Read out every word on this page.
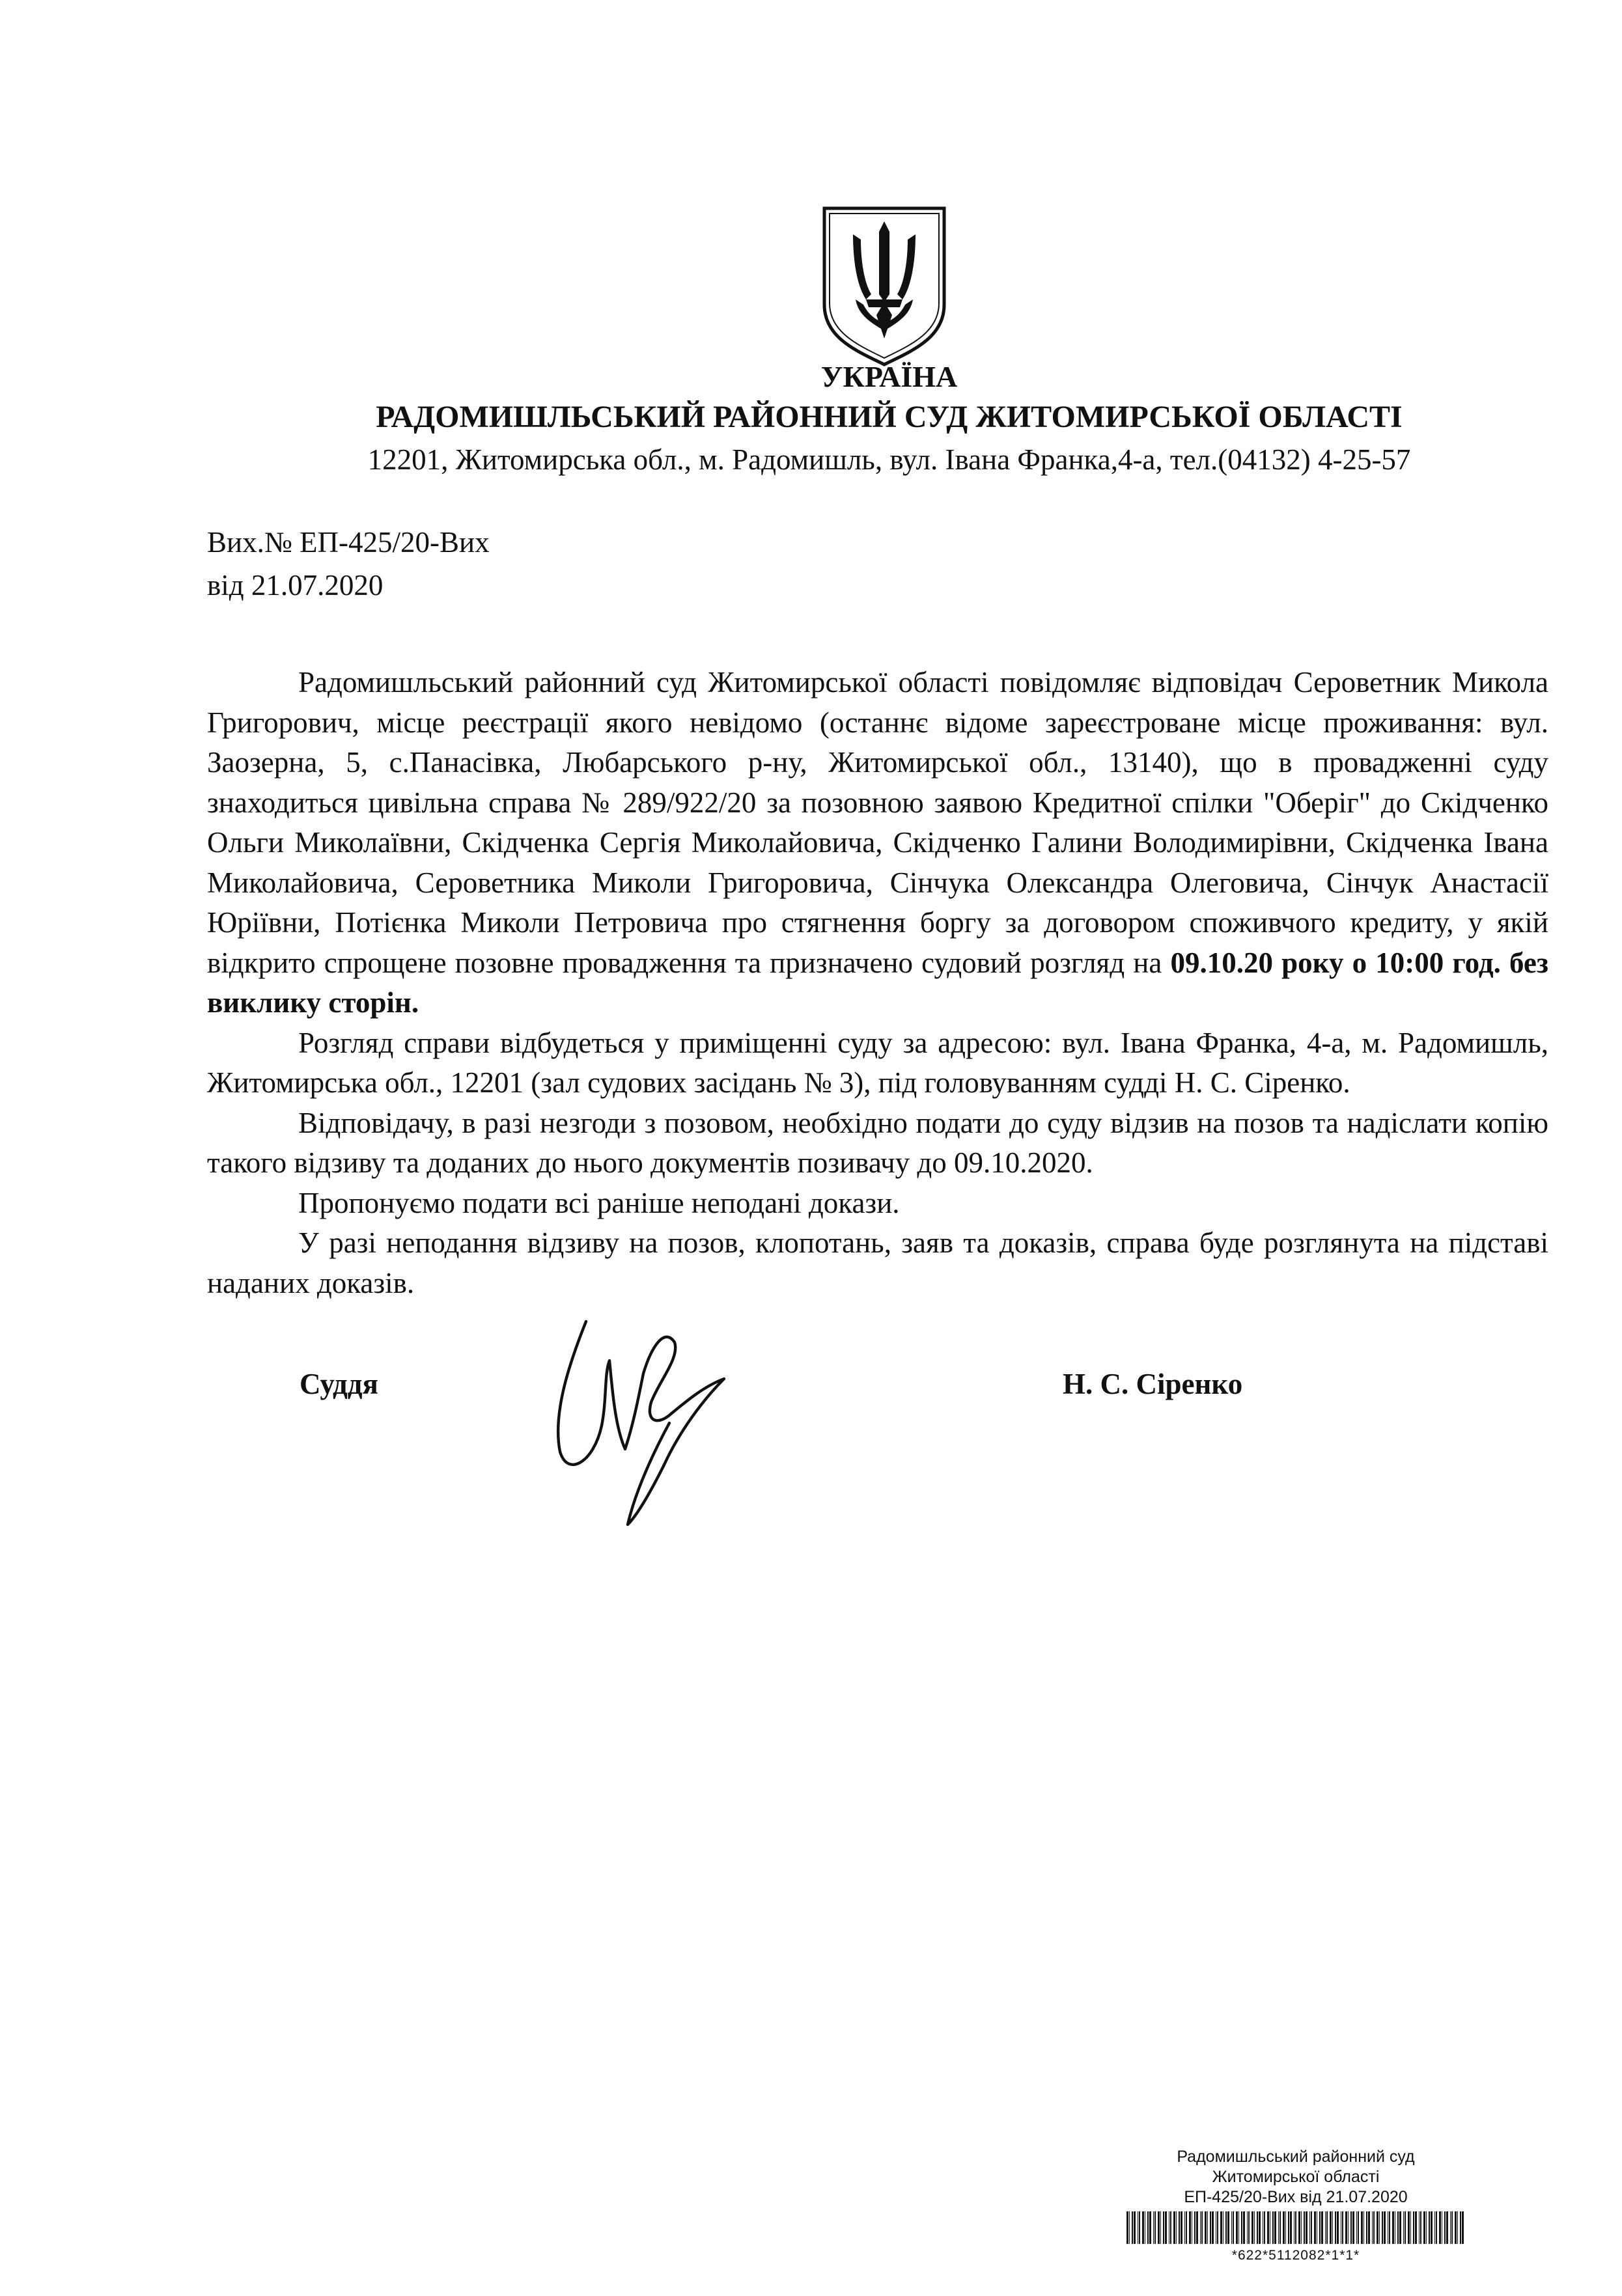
УКРАЇНА
РАДОМИШЛЬСЬКИЙ РАЙОННИЙ СУД ЖИТОМИРСЬКОЇ ОБЛАСТІ
12201, Житомирська обл., м. Радомишль, вул. Івана Франка,4-а, тел.(04132) 4-25-57
Вих.№ ЕП-425/20-Вих
від 21.07.2020

Радомишльський районний суд Житомирської області повідомляє відповідач Сероветник Микола Григорович, місце реєстрації якого невідомо (останнє відоме зареєстроване місце проживання: вул. Заозерна, 5, с.Панасівка, Любарського р-ну, Житомирської обл., 13140), що в провадженні суду знаходиться цивільна справа № 289/922/20 за позовною заявою Кредитної спілки "Оберіг" до Скідченко Ольги Миколаївни, Скідченка Сергія Миколайовича, Скідченко Галини Володимирівни, Скідченка Івана Миколайовича, Сероветника Миколи Григоровича, Сінчука Олександра Олеговича, Сінчук Анастасії Юріївни, Потієнка Миколи Петровича про стягнення боргу за договором споживчого кредиту, у якій відкрито спрощене позовне провадження та призначено судовий розгляд на 09.10.20 року о 10:00 год. без виклику сторін.

Розгляд справи відбудеться у приміщенні суду за адресою: вул. Івана Франка, 4-а, м. Радомишль, Житомирська обл., 12201 (зал судових засідань № 3), під головуванням судді Н. С. Сіренко.

Відповідачу, в разі незгоди з позовом, необхідно подати до суду відзив на позов та надіслати копію такого відзиву та доданих до нього документів позивачу до 09.10.2020.

Пропонуємо подати всі раніше неподані докази.

У разі неподання відзиву на позов, клопотань, заяв та доказів, справа буде розглянута на підставі наданих доказів.

Суддя	Н. С. Сіренко
Радомишльський районний суд
Житомирської області
ЕП-425/20-Вих від 21.07.2020
*622*5112082*1*1*
